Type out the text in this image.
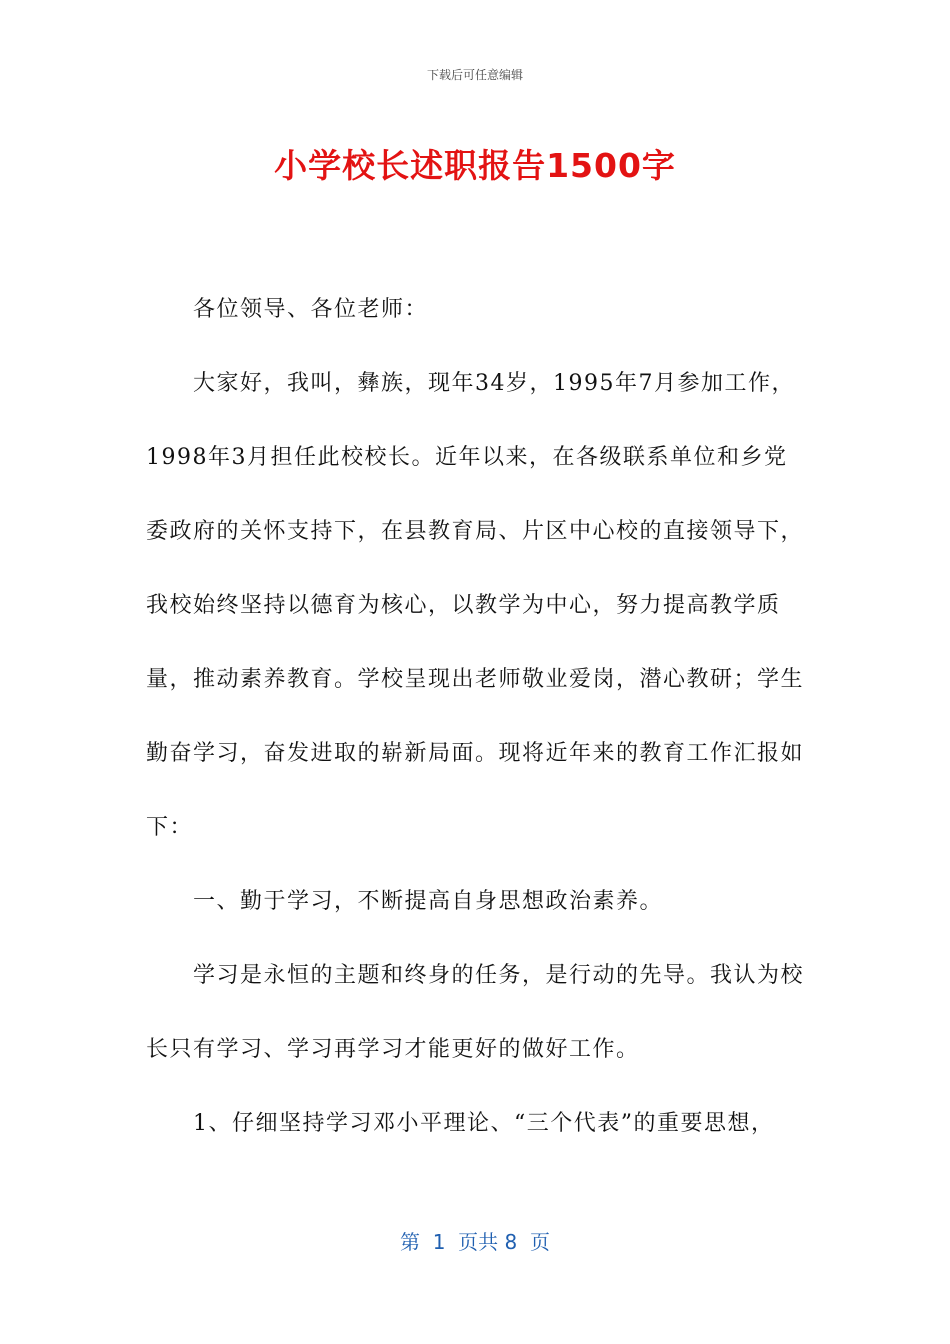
下载后可任意编辑
小学校长述职报告1500字

各位领导、各位老师：

大家好，我叫，彝族，现年34岁，1995年7月参加工作，1998年3月担任此校校长。近年以来，在各级联系单位和乡党委政府的关怀支持下，在县教育局、片区中心校的直接领导下，我校始终坚持以德育为核心，以教学为中心，努力提高教学质量，推动素养教育。学校呈现出老师敬业爱岗，潜心教研；学生勤奋学习，奋发进取的崭新局面。现将近年来的教育工作汇报如下：

一、勤于学习，不断提高自身思想政治素养。

学习是永恒的主题和终身的任务，是行动的先导。我认为校长只有学习、学习再学习才能更好的做好工作。

1、仔细坚持学习邓小平理论、“三个代表”的重要思想，

第  1  页共 8  页
